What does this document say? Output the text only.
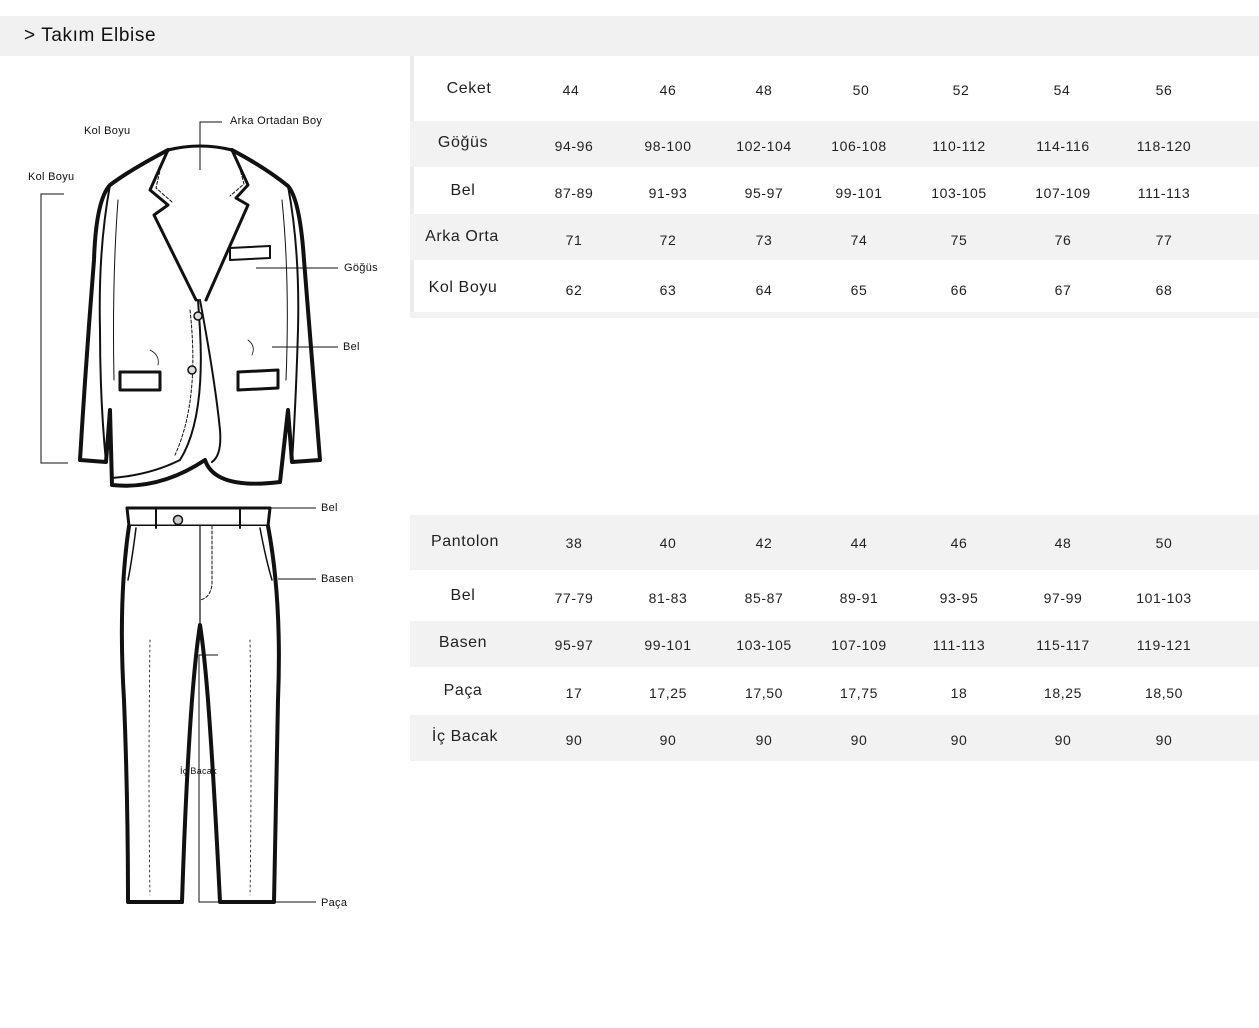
> Takım Elbise
Kol Boyu
Kol Boyu
Arka Ortadan Boy
Göğüs
Bel
Bel
Basen
İç Bacak
Paça
Ceket	44	46	48	50	52	54	56
Göğüs	94-96	98-100	102-104	106-108	110-112	114-116	118-120
Bel	87-89	91-93	95-97	99-101	103-105	107-109	111-113
Arka Orta	71	72	73	74	75	76	77
Kol Boyu	62	63	64	65	66	67	68
Pantolon	38	40	42	44	46	48	50
Bel	77-79	81-83	85-87	89-91	93-95	97-99	101-103
Basen	95-97	99-101	103-105	107-109	111-113	115-117	119-121
Paça	17	17,25	17,50	17,75	18	18,25	18,50
İç Bacak	90	90	90	90	90	90	90
